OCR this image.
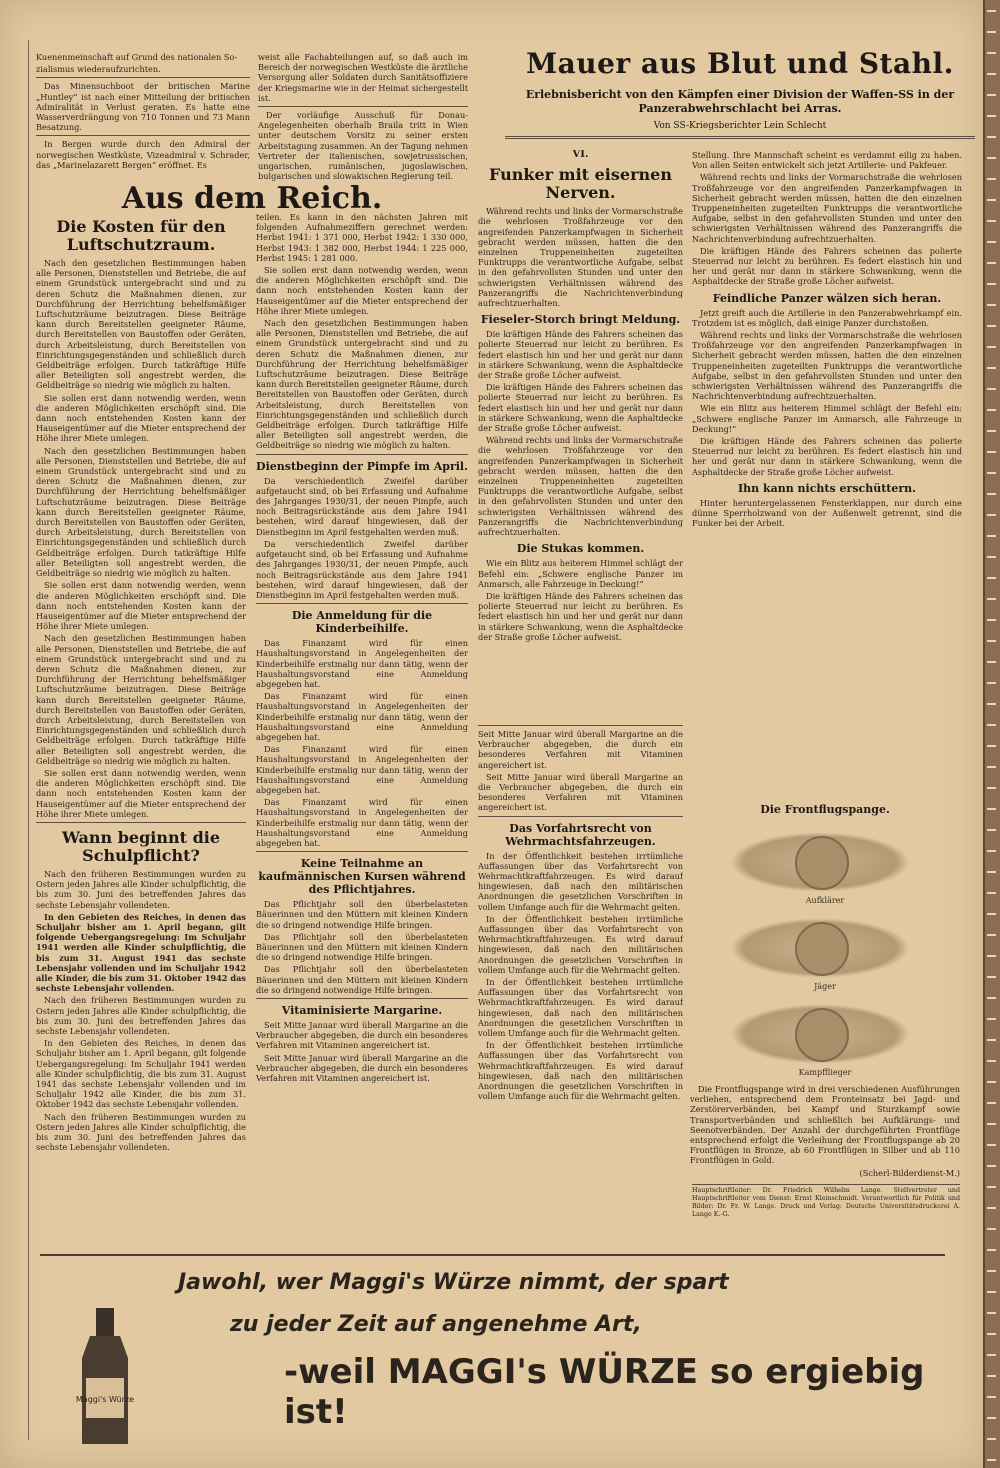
Kuenenmeinschaft auf Grund des nationalen So-

zialismus wiederaufzurichten.

Das Minensuchboot der britischen Marine „Huntley“ ist nach einer Mitteilung der britischen Admiralität in Verlust geraten. Es hatte eine Wasserverdrängung von 710 Tonnen und 73 Mann Besatzung.

In Bergen wurde durch den Admiral der norwegischen Westküste, Vizeadmiral v. Schrader, das „Marinelazarett Bergen“ eröffnet. Es

weist alle Fachabteilungen auf, so daß auch im Bereich der norwegischen Westküste die ärztliche Versorgung aller Soldaten durch Sanitätsoffiziere der Kriegsmarine wie in der Heimat sichergestellt ist.

Der vorläufige Ausschuß für Donau-Angelegenheiten oberhalb Braila tritt in Wien unter deutschem Vorsitz zu seiner ersten Arbeitstagung zusammen. An der Tagung nehmen Vertreter der italienischen, sowjetrussischen, ungarischen, rumänischen, jugoslawischen, bulgarischen und slowakischen Regierung teil.

Aus dem Reich.
Die Kosten für den Luftschutzraum.

Nach den gesetzlichen Bestimmungen haben alle Personen, Dienststellen und Betriebe, die auf einem Grundstück untergebracht sind und zu deren Schutz die Maßnahmen dienen, zur Durchführung der Herrichtung behelfsmäßiger Luftschutzräume beizutragen. Diese Beiträge kann durch Bereitstellen geeigneter Räume, durch Bereitstellen von Baustoffen oder Geräten, durch Arbeitsleistung, durch Bereitstellen von Einrichtungsgegenständen und schließlich durch Geldbeiträge erfolgen. Durch tatkräftige Hilfe aller Beteiligten soll angestrebt werden, die Geldbeiträge so niedrig wie möglich zu halten.

Sie sollen erst dann notwendig werden, wenn die anderen Möglichkeiten erschöpft sind. Die dann noch entstehenden Kosten kann der Hauseigentümer auf die Mieter entsprechend der Höhe ihrer Miete umlegen.

Nach den gesetzlichen Bestimmungen haben alle Personen, Dienststellen und Betriebe, die auf einem Grundstück untergebracht sind und zu deren Schutz die Maßnahmen dienen, zur Durchführung der Herrichtung behelfsmäßiger Luftschutzräume beizutragen. Diese Beiträge kann durch Bereitstellen geeigneter Räume, durch Bereitstellen von Baustoffen oder Geräten, durch Arbeitsleistung, durch Bereitstellen von Einrichtungsgegenständen und schließlich durch Geldbeiträge erfolgen. Durch tatkräftige Hilfe aller Beteiligten soll angestrebt werden, die Geldbeiträge so niedrig wie möglich zu halten.

Sie sollen erst dann notwendig werden, wenn die anderen Möglichkeiten erschöpft sind. Die dann noch entstehenden Kosten kann der Hauseigentümer auf die Mieter entsprechend der Höhe ihrer Miete umlegen.

Nach den gesetzlichen Bestimmungen haben alle Personen, Dienststellen und Betriebe, die auf einem Grundstück untergebracht sind und zu deren Schutz die Maßnahmen dienen, zur Durchführung der Herrichtung behelfsmäßiger Luftschutzräume beizutragen. Diese Beiträge kann durch Bereitstellen geeigneter Räume, durch Bereitstellen von Baustoffen oder Geräten, durch Arbeitsleistung, durch Bereitstellen von Einrichtungsgegenständen und schließlich durch Geldbeiträge erfolgen. Durch tatkräftige Hilfe aller Beteiligten soll angestrebt werden, die Geldbeiträge so niedrig wie möglich zu halten.

Sie sollen erst dann notwendig werden, wenn die anderen Möglichkeiten erschöpft sind. Die dann noch entstehenden Kosten kann der Hauseigentümer auf die Mieter entsprechend der Höhe ihrer Miete umlegen.

Wann beginnt die Schulpflicht?

Nach den früheren Bestimmungen wurden zu Ostern jeden Jahres alle Kinder schulpflichtig, die bis zum 30. Juni des betreffenden Jahres das sechste Lebensjahr vollendeten.

In den Gebieten des Reiches, in denen das Schuljahr bisher am 1. April begann, gilt folgende Uebergangsregelung: Im Schuljahr 1941 werden alle Kinder schulpflichtig, die bis zum 31. August 1941 das sechste Lebensjahr vollenden und im Schuljahr 1942 alle Kinder, die bis zum 31. Oktober 1942 das sechste Lebensjahr vollenden.

Nach den früheren Bestimmungen wurden zu Ostern jeden Jahres alle Kinder schulpflichtig, die bis zum 30. Juni des betreffenden Jahres das sechste Lebensjahr vollendeten.

In den Gebieten des Reiches, in denen das Schuljahr bisher am 1. April begann, gilt folgende Uebergangsregelung: Im Schuljahr 1941 werden alle Kinder schulpflichtig, die bis zum 31. August 1941 das sechste Lebensjahr vollenden und im Schuljahr 1942 alle Kinder, die bis zum 31. Oktober 1942 das sechste Lebensjahr vollenden.

Nach den früheren Bestimmungen wurden zu Ostern jeden Jahres alle Kinder schulpflichtig, die bis zum 30. Juni des betreffenden Jahres das sechste Lebensjahr vollendeten.

teilen. Es kann in den nächsten Jahren mit folgenden Aufnahmeziffern gerechnet werden: Herbst 1941: 1 371 000, Herbst 1942: 1 330 000, Herbst 1943: 1 382 000, Herbst 1944: 1 225 000, Herbst 1945: 1 281 000.

Sie sollen erst dann notwendig werden, wenn die anderen Möglichkeiten erschöpft sind. Die dann noch entstehenden Kosten kann der Hauseigentümer auf die Mieter entsprechend der Höhe ihrer Miete umlegen.

Nach den gesetzlichen Bestimmungen haben alle Personen, Dienststellen und Betriebe, die auf einem Grundstück untergebracht sind und zu deren Schutz die Maßnahmen dienen, zur Durchführung der Herrichtung behelfsmäßiger Luftschutzräume beizutragen. Diese Beiträge kann durch Bereitstellen geeigneter Räume, durch Bereitstellen von Baustoffen oder Geräten, durch Arbeitsleistung, durch Bereitstellen von Einrichtungsgegenständen und schließlich durch Geldbeiträge erfolgen. Durch tatkräftige Hilfe aller Beteiligten soll angestrebt werden, die Geldbeiträge so niedrig wie möglich zu halten.

Dienstbeginn der Pimpfe im April.

Da verschiedentlich Zweifel darüber aufgetaucht sind, ob bei Erfassung und Aufnahme des Jahrganges 1930/31, der neuen Pimpfe, auch noch Beitragsrückstände aus dem Jahre 1941 bestehen, wird darauf hingewiesen, daß der Dienstbeginn im April festgehalten werden muß.

Da verschiedentlich Zweifel darüber aufgetaucht sind, ob bei Erfassung und Aufnahme des Jahrganges 1930/31, der neuen Pimpfe, auch noch Beitragsrückstände aus dem Jahre 1941 bestehen, wird darauf hingewiesen, daß der Dienstbeginn im April festgehalten werden muß.

Die Anmeldung für die Kinderbeihilfe.

Das Finanzamt wird für einen Haushaltungsvorstand in Angelegenheiten der Kinderbeihilfe erstmalig nur dann tätig, wenn der Haushaltungsvorstand eine Anmeldung abgegeben hat.

Das Finanzamt wird für einen Haushaltungsvorstand in Angelegenheiten der Kinderbeihilfe erstmalig nur dann tätig, wenn der Haushaltungsvorstand eine Anmeldung abgegeben hat.

Das Finanzamt wird für einen Haushaltungsvorstand in Angelegenheiten der Kinderbeihilfe erstmalig nur dann tätig, wenn der Haushaltungsvorstand eine Anmeldung abgegeben hat.

Das Finanzamt wird für einen Haushaltungsvorstand in Angelegenheiten der Kinderbeihilfe erstmalig nur dann tätig, wenn der Haushaltungsvorstand eine Anmeldung abgegeben hat.

Keine Teilnahme an kaufmännischen Kursen während des Pflichtjahres.

Das Pflichtjahr soll den überbelasteten Bäuerinnen und den Müttern mit kleinen Kindern die so dringend notwendige Hilfe bringen.

Das Pflichtjahr soll den überbelasteten Bäuerinnen und den Müttern mit kleinen Kindern die so dringend notwendige Hilfe bringen.

Das Pflichtjahr soll den überbelasteten Bäuerinnen und den Müttern mit kleinen Kindern die so dringend notwendige Hilfe bringen.

Vitaminisierte Margarine.

Seit Mitte Januar wird überall Margarine an die Verbraucher abgegeben, die durch ein besonderes Verfahren mit Vitaminen angereichert ist.

Seit Mitte Januar wird überall Margarine an die Verbraucher abgegeben, die durch ein besonderes Verfahren mit Vitaminen angereichert ist.

Mauer aus Blut und Stahl.
Erlebnisbericht von den Kämpfen einer Division der Waffen-SS in der Panzerabwehrschlacht bei Arras.
Von SS-Kriegsberichter Lein Schlecht
VI.
Funker mit eisernen Nerven.

Während rechts und links der Vormarschstraße die wehrlosen Troßfahrzeuge vor den angreifenden Panzerkampfwagen in Sicherheit gebracht werden müssen, hatten die den einzelnen Truppeneinheiten zugeteilten Funktrupps die verantwortliche Aufgabe, selbst in den gefahrvollsten Stunden und unter den schwierigsten Verhältnissen während des Panzerangriffs die Nachrichtenverbindung aufrechtzuerhalten.

Fieseler-Storch bringt Meldung.

Die kräftigen Hände des Fahrers scheinen das polierte Steuerrad nur leicht zu berühren. Es federt elastisch hin und her und gerät nur dann in stärkere Schwankung, wenn die Asphaltdecke der Straße große Löcher aufweist.

Die kräftigen Hände des Fahrers scheinen das polierte Steuerrad nur leicht zu berühren. Es federt elastisch hin und her und gerät nur dann in stärkere Schwankung, wenn die Asphaltdecke der Straße große Löcher aufweist.

Während rechts und links der Vormarschstraße die wehrlosen Troßfahrzeuge vor den angreifenden Panzerkampfwagen in Sicherheit gebracht werden müssen, hatten die den einzelnen Truppeneinheiten zugeteilten Funktrupps die verantwortliche Aufgabe, selbst in den gefahrvollsten Stunden und unter den schwierigsten Verhältnissen während des Panzerangriffs die Nachrichtenverbindung aufrechtzuerhalten.

Die Stukas kommen.

Wie ein Blitz aus heiterem Himmel schlägt der Befehl ein: „Schwere englische Panzer im Anmarsch, alle Fahrzeuge in Deckung!“

Die kräftigen Hände des Fahrers scheinen das polierte Steuerrad nur leicht zu berühren. Es federt elastisch hin und her und gerät nur dann in stärkere Schwankung, wenn die Asphaltdecke der Straße große Löcher aufweist.

Stellung. Ihre Mannschaft scheint es verdammt eilig zu haben. Von allen Seiten entwickelt sich jetzt Artillerie- und Pakfeuer.

Während rechts und links der Vormarschstraße die wehrlosen Troßfahrzeuge vor den angreifenden Panzerkampfwagen in Sicherheit gebracht werden müssen, hatten die den einzelnen Truppeneinheiten zugeteilten Funktrupps die verantwortliche Aufgabe, selbst in den gefahrvollsten Stunden und unter den schwierigsten Verhältnissen während des Panzerangriffs die Nachrichtenverbindung aufrechtzuerhalten.

Die kräftigen Hände des Fahrers scheinen das polierte Steuerrad nur leicht zu berühren. Es federt elastisch hin und her und gerät nur dann in stärkere Schwankung, wenn die Asphaltdecke der Straße große Löcher aufweist.

Feindliche Panzer wälzen sich heran.

Jetzt greift auch die Artillerie in den Panzerabwehrkampf ein. Trotzdem ist es möglich, daß einige Panzer durchstoßen.

Während rechts und links der Vormarschstraße die wehrlosen Troßfahrzeuge vor den angreifenden Panzerkampfwagen in Sicherheit gebracht werden müssen, hatten die den einzelnen Truppeneinheiten zugeteilten Funktrupps die verantwortliche Aufgabe, selbst in den gefahrvollsten Stunden und unter den schwierigsten Verhältnissen während des Panzerangriffs die Nachrichtenverbindung aufrechtzuerhalten.

Wie ein Blitz aus heiterem Himmel schlägt der Befehl ein: „Schwere englische Panzer im Anmarsch, alle Fahrzeuge in Deckung!“

Die kräftigen Hände des Fahrers scheinen das polierte Steuerrad nur leicht zu berühren. Es federt elastisch hin und her und gerät nur dann in stärkere Schwankung, wenn die Asphaltdecke der Straße große Löcher aufweist.

Ihn kann nichts erschüttern.

Hinter heruntergelassenen Fensterklappen, nur durch eine dünne Sperrholzwand von der Außenwelt getrennt, sind die Funker bei der Arbeit.

Seit Mitte Januar wird überall Margarine an die Verbraucher abgegeben, die durch ein besonderes Verfahren mit Vitaminen angereichert ist.

Seit Mitte Januar wird überall Margarine an die Verbraucher abgegeben, die durch ein besonderes Verfahren mit Vitaminen angereichert ist.

Das Vorfahrtsrecht von Wehrmachtsfahrzeugen.

In der Öffentlichkeit bestehen irrtümliche Auffassungen über das Vorfahrtsrecht von Wehrmachtkraftfahrzeugen. Es wird darauf hingewiesen, daß nach den militärischen Anordnungen die gesetzlichen Vorschriften in vollem Umfange auch für die Wehrmacht gelten.

In der Öffentlichkeit bestehen irrtümliche Auffassungen über das Vorfahrtsrecht von Wehrmachtkraftfahrzeugen. Es wird darauf hingewiesen, daß nach den militärischen Anordnungen die gesetzlichen Vorschriften in vollem Umfange auch für die Wehrmacht gelten.

In der Öffentlichkeit bestehen irrtümliche Auffassungen über das Vorfahrtsrecht von Wehrmachtkraftfahrzeugen. Es wird darauf hingewiesen, daß nach den militärischen Anordnungen die gesetzlichen Vorschriften in vollem Umfange auch für die Wehrmacht gelten.

In der Öffentlichkeit bestehen irrtümliche Auffassungen über das Vorfahrtsrecht von Wehrmachtkraftfahrzeugen. Es wird darauf hingewiesen, daß nach den militärischen Anordnungen die gesetzlichen Vorschriften in vollem Umfange auch für die Wehrmacht gelten.

Die Frontflugspange.
Aufklärer
Jäger
Kampfflieger

Die Frontflugspange wird in drei verschiedenen Ausführungen verliehen, entsprechend dem Fronteinsatz bei Jagd- und Zerstörerverbänden, bei Kampf und Sturzkampf sowie Transportverbänden und schließlich bei Aufklärungs- und Seenotverbänden. Der Anzahl der durchgeführten Frontflüge entsprechend erfolgt die Verleihung der Frontflugspange ab 20 Frontflügen in Bronze, ab 60 Frontflügen in Silber und ab 110 Frontflügen in Gold.

(Scherl-Bilderdienst-M.)

Hauptschriftleiter: Dr. Friedrich Wilhelm Lange. Stellvertreter und Hauptschriftleiter vom Dienst: Ernst Kleinschmidt. Verantwortlich für Politik und Bilder: Dr. Fr. W. Lange. Druck und Verlag: Deutsche Universitätsdruckerei A. Lange K.-G.
Maggi's Würze
Jawohl, wer Maggi's Würze nimmt, der spart
zu jeder Zeit auf angenehme Art,
-weil MAGGI's WÜRZE so ergiebig ist!
